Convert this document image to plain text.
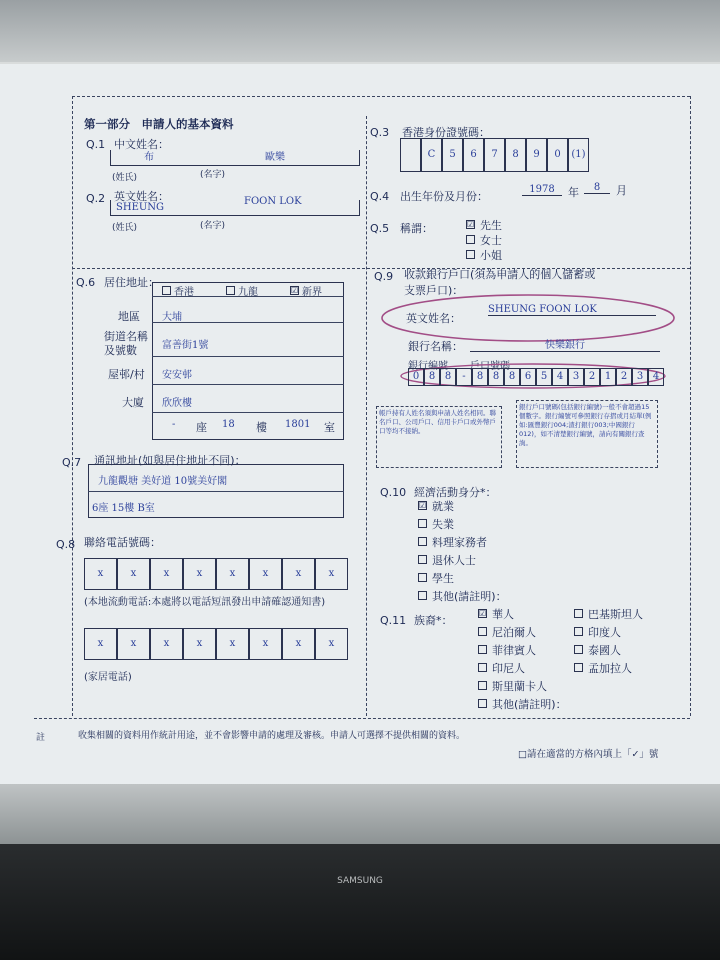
SAMSUNG
第一部分　申請人的基本資料
Q.1 中文姓名：
布	歐樂
(姓氏)	(名字)
Q.2 英文姓名：
SHEUNG
FOON LOK
(姓氏)	(名字)
Q.3 香港身份證號碼：
C	5	6	7	8	9	0	(1)
Q.4 出生年份及月份：
1978	年	8	月
Q.5 稱謂：	☑ 先生
女士
小姐
Q.6 居住地址：
香港	九龍	☑ 新界
地區 大埔
街道名稱
及號數	富善街1號
屋邨/村 安安邨
大廈 欣欣樓
- 座 18 樓 1801 室
Q.7 通訊地址(如與居住地址不同)：
九龍觀塘 美好道 10號美好閣
6座 15樓 B室
Q.8 聯絡電話號碼：
x	x	x	x	x	x	x	x
(本地流動電話:本處將以電話短訊發出申請確認通知書)
x	x	x	x	x	x	x	x
(家居電話)
Q.9 收款銀行戶口(須為申請人的個人儲蓄或
支票戶口)：
英文姓名：
SHEUNG FOON LOK
銀行名稱：	快樂銀行
銀行編號 戶口號碼
0 8 8	-	8 8 8 6 5 4 3 2 1 2 3 4
帳戶持有人姓名須與申請人姓名相同。聯名戶口、公司戶口、信用卡戶口或外幣戶口等均不接納。
銀行戶口號碼(包括銀行編號)一般不會超過15個數字。銀行編號可參照銀行存摺或月結單(例如:匯豐銀行004;渣打銀行003;中國銀行012)，如不清楚銀行編號，請向有關銀行查詢。
Q.10 經濟活動身分*：
☑ 就業
失業
料理家務者
退休人士
學生
其他(請註明)：
Q.11 族裔*：
☑ 華人
尼泊爾人
菲律賓人
印尼人
斯里蘭卡人
其他(請註明)：
巴基斯坦人
印度人
泰國人
孟加拉人
註	收集相關的資料用作統計用途，並不會影響申請的處理及審核。申請人可選擇不提供相關的資料。
□請在適當的方格內填上「✓」號
